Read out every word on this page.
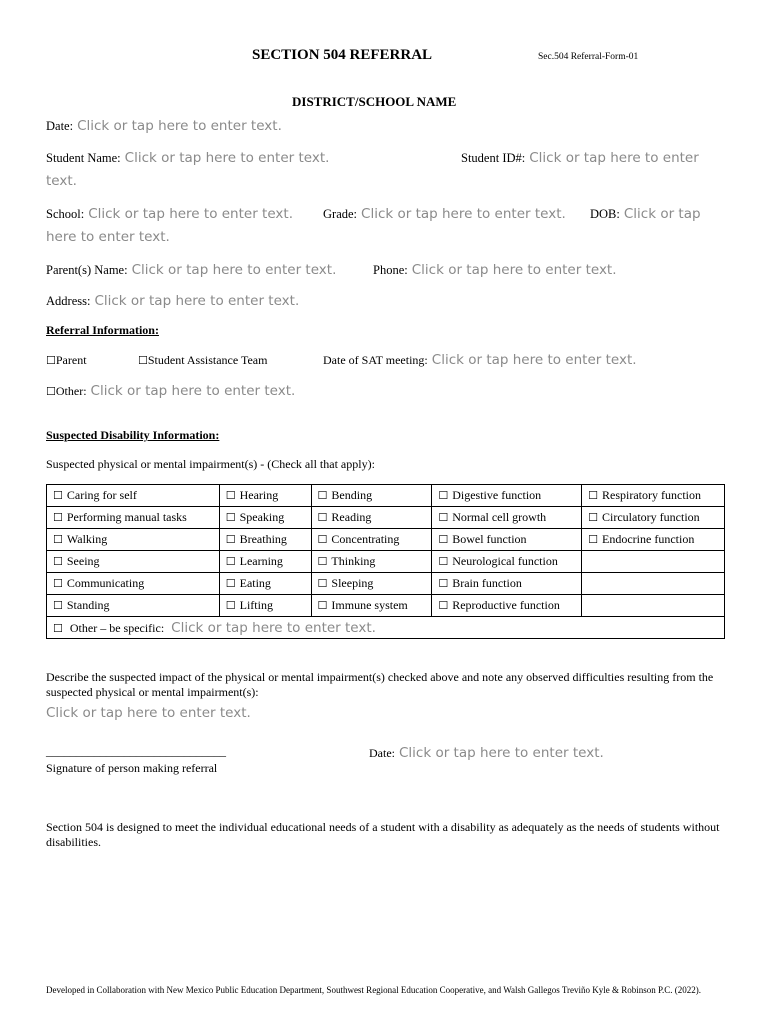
SECTION 504 REFERRAL	Sec.504 Referral-Form-01
DISTRICT/SCHOOL NAME
Date: Click or tap here to enter text.
Student Name: Click or tap here to enter text.	Student ID#: Click or tap here to enter
text.
School: Click or tap here to enter text. Grade: Click or tap here to enter text. DOB: Click or tap
here to enter text.
Parent(s) Name: Click or tap here to enter text.	Phone: Click or tap here to enter text.
Address: Click or tap here to enter text.
Referral Information:
☐Parent	☐Student Assistance Team	Date of SAT meeting: Click or tap here to enter text.
☐Other: Click or tap here to enter text.
Suspected Disability Information:
Suspected physical or mental impairment(s) - (Check all that apply):
☐ Caring for self	☐ Hearing	☐ Bending	☐ Digestive function	☐ Respiratory function
☐ Performing manual tasks	☐ Speaking	☐ Reading	☐ Normal cell growth	☐ Circulatory function
☐ Walking	☐ Breathing	☐ Concentrating	☐ Bowel function	☐ Endocrine function
☐ Seeing	☐ Learning	☐ Thinking	☐ Neurological function	
☐ Communicating	☐ Eating	☐ Sleeping	☐ Brain function	
☐ Standing	☐ Lifting	☐ Immune system	☐ Reproductive function	
☐ Other – be specific: Click or tap here to enter text.				
Describe the suspected impact of the physical or mental impairment(s) checked above and note any observed difficulties resulting from the suspected physical or mental impairment(s):
Click or tap here to enter text.
______________________________
Signature of person making referral
Date: Click or tap here to enter text.
Section 504 is designed to meet the individual educational needs of a student with a disability as adequately as the needs of students without disabilities.
Developed in Collaboration with New Mexico Public Education Department, Southwest Regional Education Cooperative, and Walsh Gallegos Treviño Kyle & Robinson P.C. (2022).
